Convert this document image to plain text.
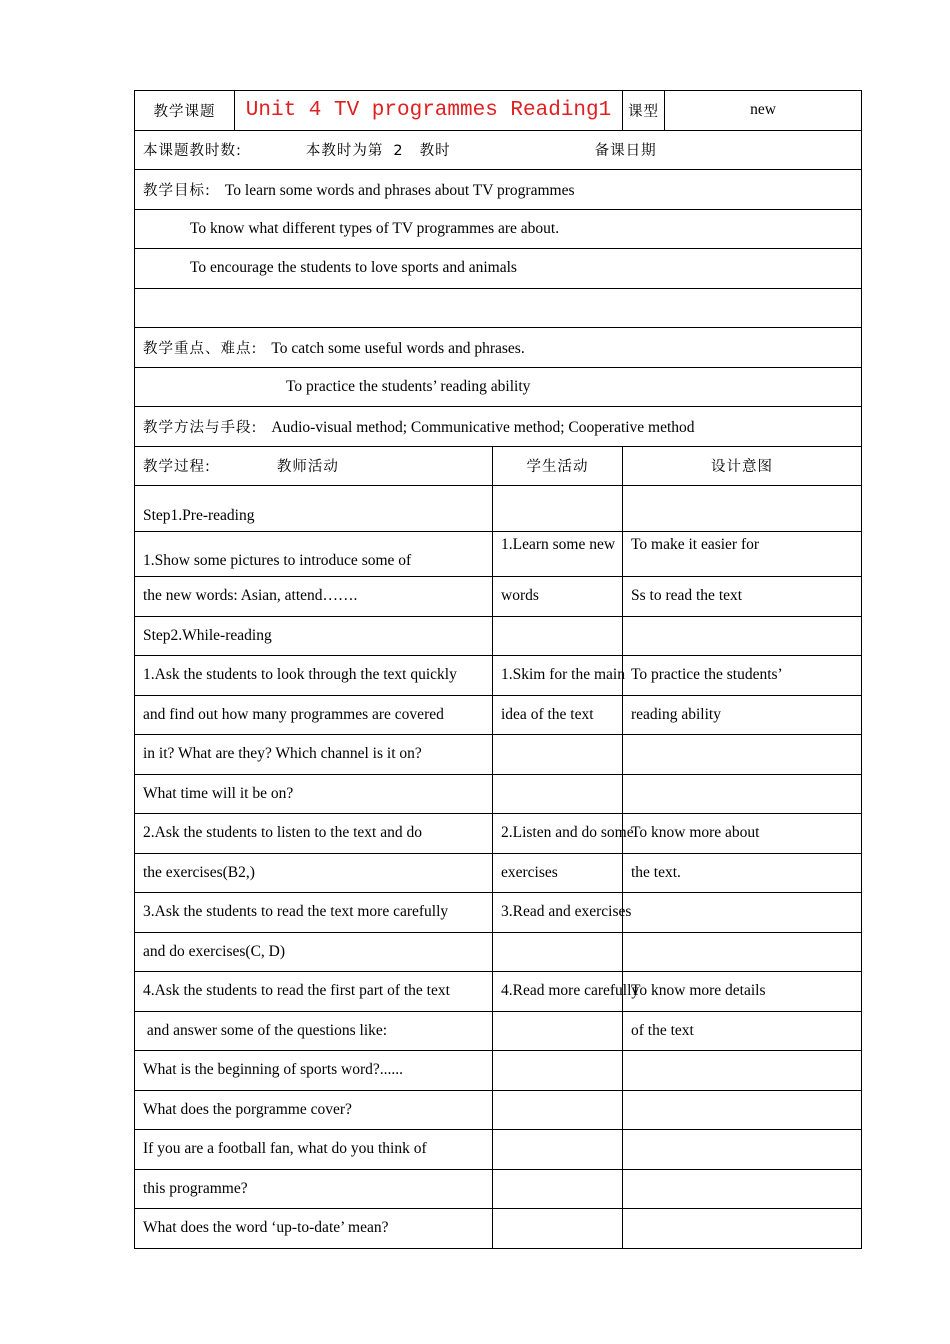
教学课题	Unit 4 TV programmes Reading1		课型	new
本课题教时数: 本教时为第 2 教时 备课日期				
教学目标: To learn some words and phrases about TV programmes				
To know what different types of TV programmes are about.				
To encourage the students to love sports and animals				

教学重点、难点: To catch some useful words and phrases.				
To practice the students’ reading ability				
教学方法与手段: Audio-visual method; Communicative method; Cooperative method				
教学过程: 教师活动		学生活动	设计意图	
Step1.Pre-reading				
1.Show some pictures to introduce some of		1.Learn some new	To make it easier for	
the new words: Asian, attend…….		words	Ss to read the text	
Step2.While-reading				
1.Ask the students to look through the text quickly		1.Skim for the main	To practice the students’	
and find out how many programmes are covered		idea of the text	reading ability	
in it? What are they? Which channel is it on?				
What time will it be on?				
2.Ask the students to listen to the text and do		2.Listen and do some	To know more about	
the exercises(B2,)		exercises	the text.	
3.Ask the students to read the text more carefully		3.Read and exercises		
and do exercises(C, D)				
4.Ask the students to read the first part of the text		4.Read more carefully	To know more details	
and answer some of the questions like:			of the text	
What is the beginning of sports word?......				
What does the porgramme cover?				
If you are a football fan, what do you think of				
this programme?				
What does the word ‘up-to-date’ mean?				
